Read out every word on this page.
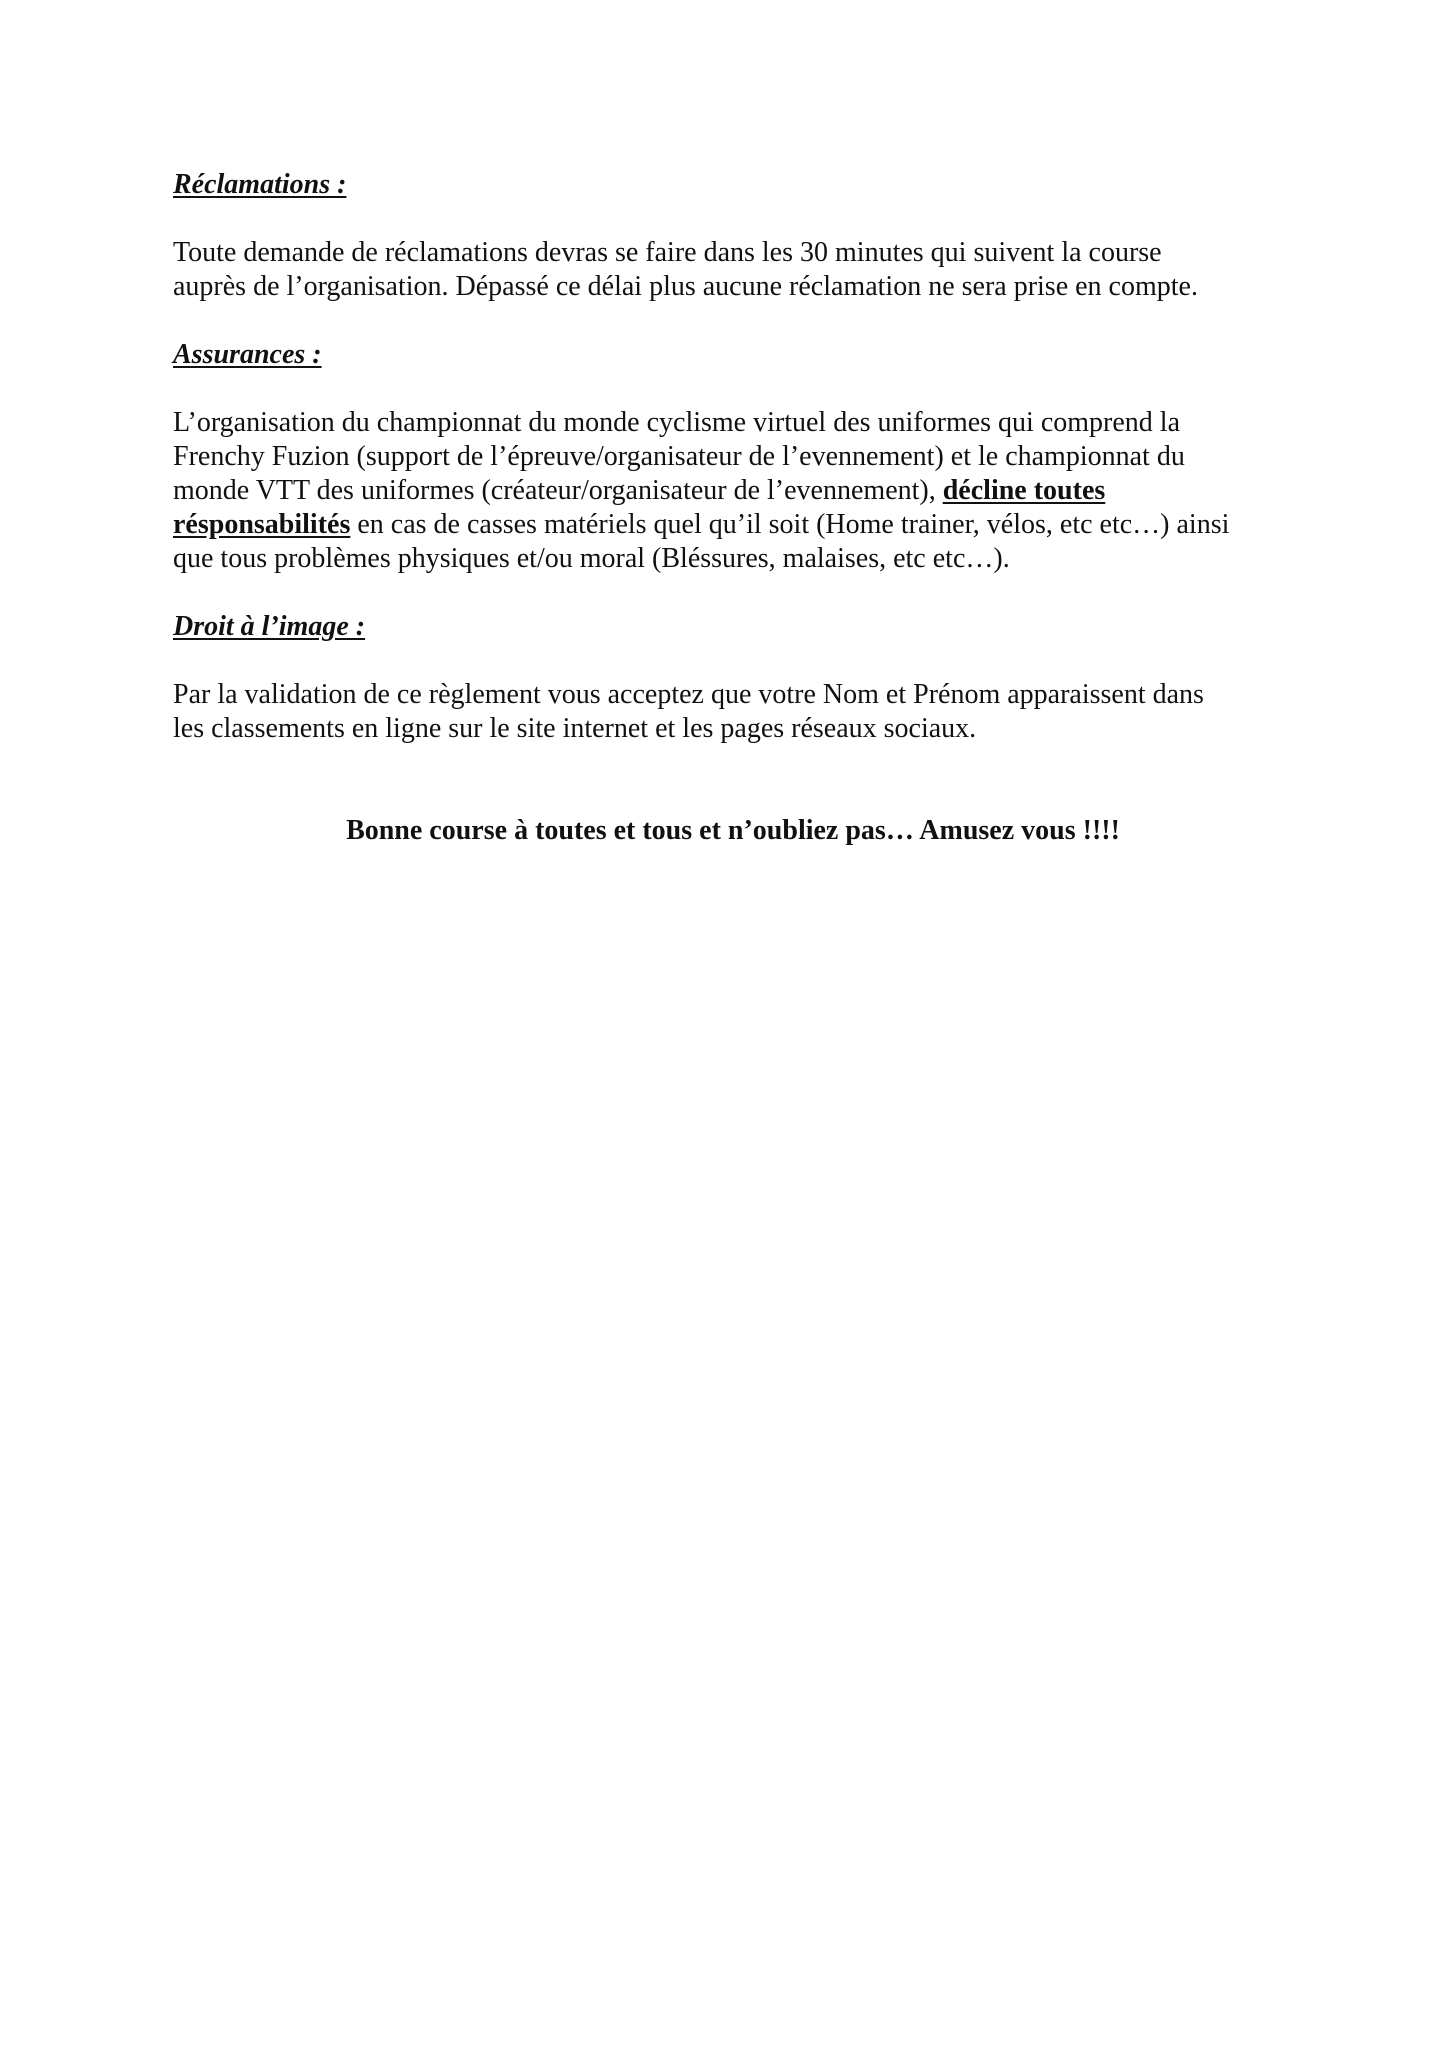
Réclamations :

Toute demande de réclamations devras se faire dans les 30 minutes qui suivent la course

auprès de l’organisation. Dépassé ce délai plus aucune réclamation ne sera prise en compte.

Assurances :

L’organisation du championnat du monde cyclisme virtuel des uniformes qui comprend la

Frenchy Fuzion (support de l’épreuve/organisateur de l’evennement) et le championnat du

monde VTT des uniformes (créateur/organisateur de l’evennement), décline toutes

résponsabilités en cas de casses matériels quel qu’il soit (Home trainer, vélos, etc etc…) ainsi

que tous problèmes physiques et/ou moral (Bléssures, malaises, etc etc…).

Droit à l’image :

Par la validation de ce règlement vous acceptez que votre Nom et Prénom apparaissent dans

les classements en ligne sur le site internet et les pages réseaux sociaux.

Bonne course à toutes et tous et n’oubliez pas… Amusez vous !!!!
